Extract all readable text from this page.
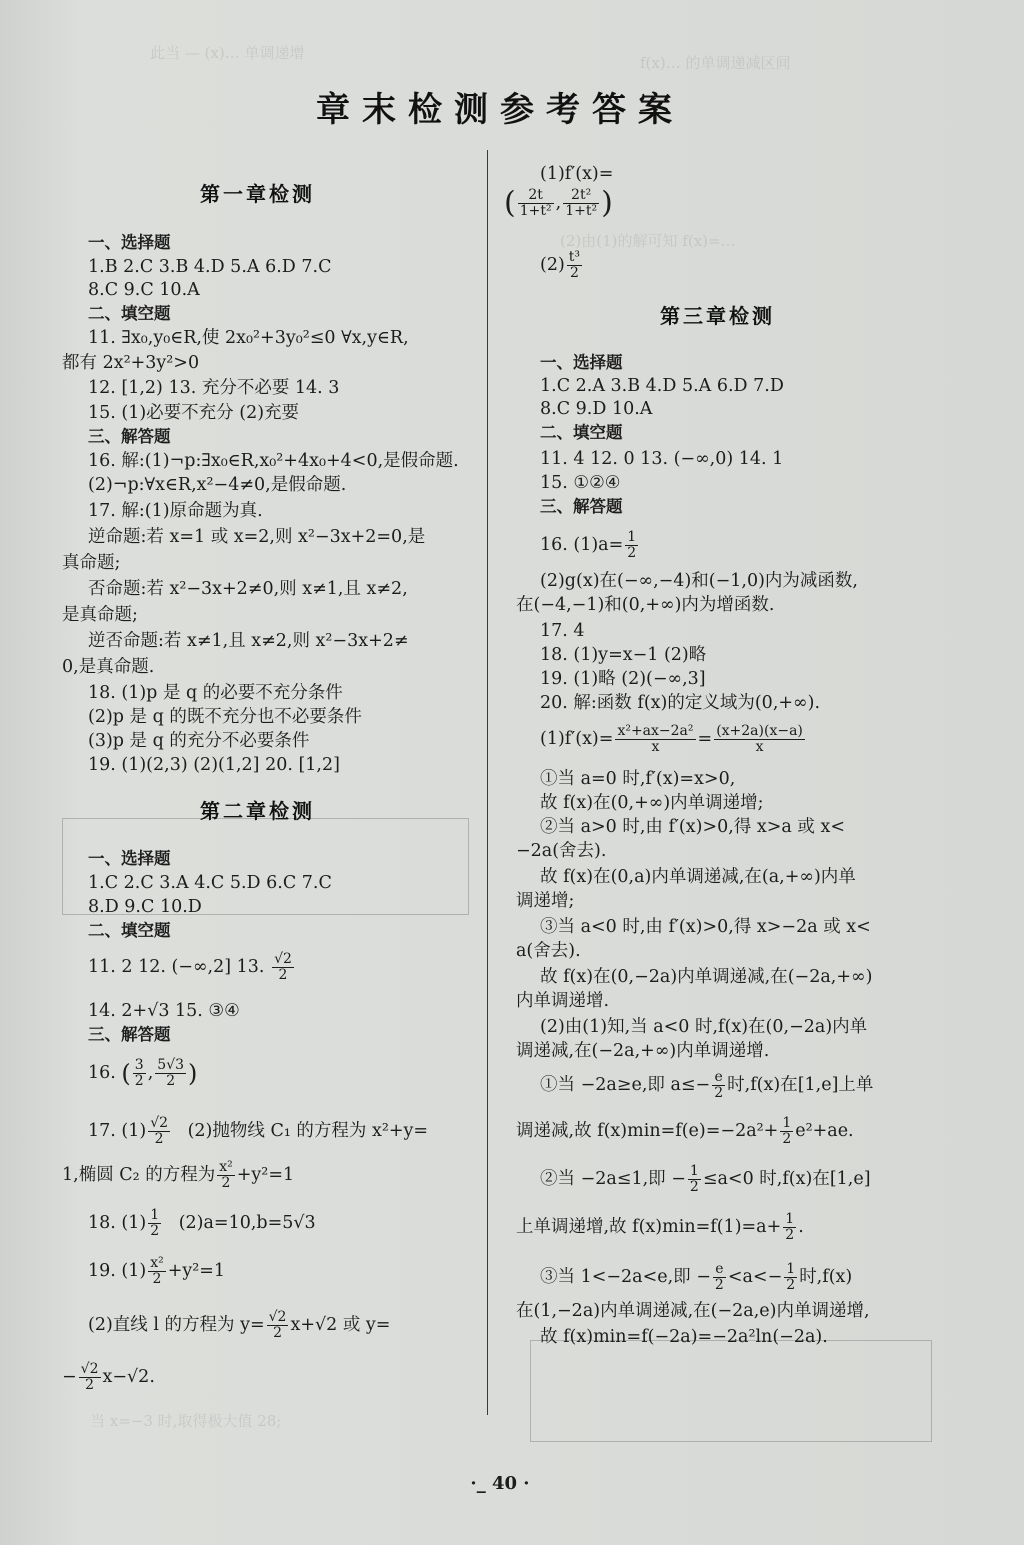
此当 — (x)… 单调递增
f(x)… 的单调递减区间
(2)由(1)的解可知 f(x)=…
当 x=−3 时,取得极大值 28;
章末检测参考答案
第一章检测
一、选择题
1.B 2.C 3.B 4.D 5.A 6.D 7.C
8.C 9.C 10.A
二、填空题
11. ∃x₀,y₀∈R,使 2x₀²+3y₀²≤0 ∀x,y∈R,
都有 2x²+3y²>0
12. [1,2) 13. 充分不必要 14. 3
15. (1)必要不充分 (2)充要
三、解答题
16. 解:(1)¬p:∃x₀∈R,x₀²+4x₀+4<0,是假命题.
(2)¬p:∀x∈R,x²−4≠0,是假命题.
17. 解:(1)原命题为真.
逆命题:若 x=1 或 x=2,则 x²−3x+2=0,是
真命题;
否命题:若 x²−3x+2≠0,则 x≠1,且 x≠2,
是真命题;
逆否命题:若 x≠1,且 x≠2,则 x²−3x+2≠
0,是真命题.
18. (1)p 是 q 的必要不充分条件
(2)p 是 q 的既不充分也不必要条件
(3)p 是 q 的充分不必要条件
19. (1)(2,3) (2)(1,2] 20. [1,2]
第二章检测
一、选择题
1.C 2.C 3.A 4.C 5.D 6.C 7.C
8.D 9.C 10.D
二、填空题
11. 2 12. (−∞,2] 13. $\frac{√2}{2}$
14. 2+√3 15. ③④
三、解答题
16. ( $\frac{3}{2}$ , $\frac{5√3}{2}$ )
17. $(1) \frac{√2}{2} (2)$抛物线 C₁ 的方程为 x²+y=
1,椭圆 C₂ 的方程为 $\frac{\text{x²}}{2} +y^2=1$
18. $(1) \frac{1}{2} (2)a=10,b=5√3$
19. $(1) \frac{\text{x²}}{2} +y^2=1$
(2)直线 l 的方程为 $y= \frac{√2}{2} x+√2$ 或 y=
− $\frac{√2}{2} x-√2$.
(1)f′(x)=
( $\frac{2t}{\text{1+t²}}$ , $\frac{\text{2t²}}{\text{1+t²}}$ )
$(2) \frac{\text{t³}}{2}$
第三章检测
一、选择题
1.C 2.A 3.B 4.D 5.A 6.D 7.D
8.C 9.D 10.A
二、填空题
11. 4 12. 0 13. (−∞,0) 14. 1
15. ①②④
三、解答题
16. $(1)a= \frac{1}{2}$
(2)g(x)在(−∞,−4)和(−1,0)内为减函数,
在(−4,−1)和(0,+∞)内为增函数.
17. 4
18. (1)y=x−1 (2)略
19. (1)略 (2)(−∞,3]
20. 解:函数 f(x)的定义域为(0,+∞).
$(1)f'(x)= \frac{\text{x²+ax−2a²}}{x} = \frac{(x+2a)(x-a)}{x}$
①当 a=0 时,f′(x)=x>0,
故 f(x)在(0,+∞)内单调递增;
②当 a>0 时,由 f′(x)>0,得 x>a 或 x<
−2a(舍去).
故 f(x)在(0,a)内单调递减,在(a,+∞)内单
调递增;
③当 a<0 时,由 f′(x)>0,得 x>−2a 或 x<
a(舍去).
故 f(x)在(0,−2a)内单调递减,在(−2a,+∞)
内单调递增.
(2)由(1)知,当 a<0 时,f(x)在(0,−2a)内单
调递减,在(−2a,+∞)内单调递增.
①当 −2a≥e,即 $a\le- \frac{e}{2}$ 时,f(x)在[1,e]上单
调递减,故 $f(x)\min=f(e)=-2a^2+ \frac{1}{2} e^2+ae$.
②当 −2a≤1,即 − $\frac{1}{2} \le a<0$ 时,f(x)在[1,e]
上单调递增,故 $f(x)\min=f(1)=a+ \frac{1}{2}$ .
③当 1<−2a<e,即 − $\frac{e}{2} <a<- \frac{1}{2}$ 时,f(x)
在(1,−2a)内单调递减,在(−2a,e)内单调递增,
故 f(x)min=f(−2a)=−2a²ln(−2a).
·_ 40 ·
